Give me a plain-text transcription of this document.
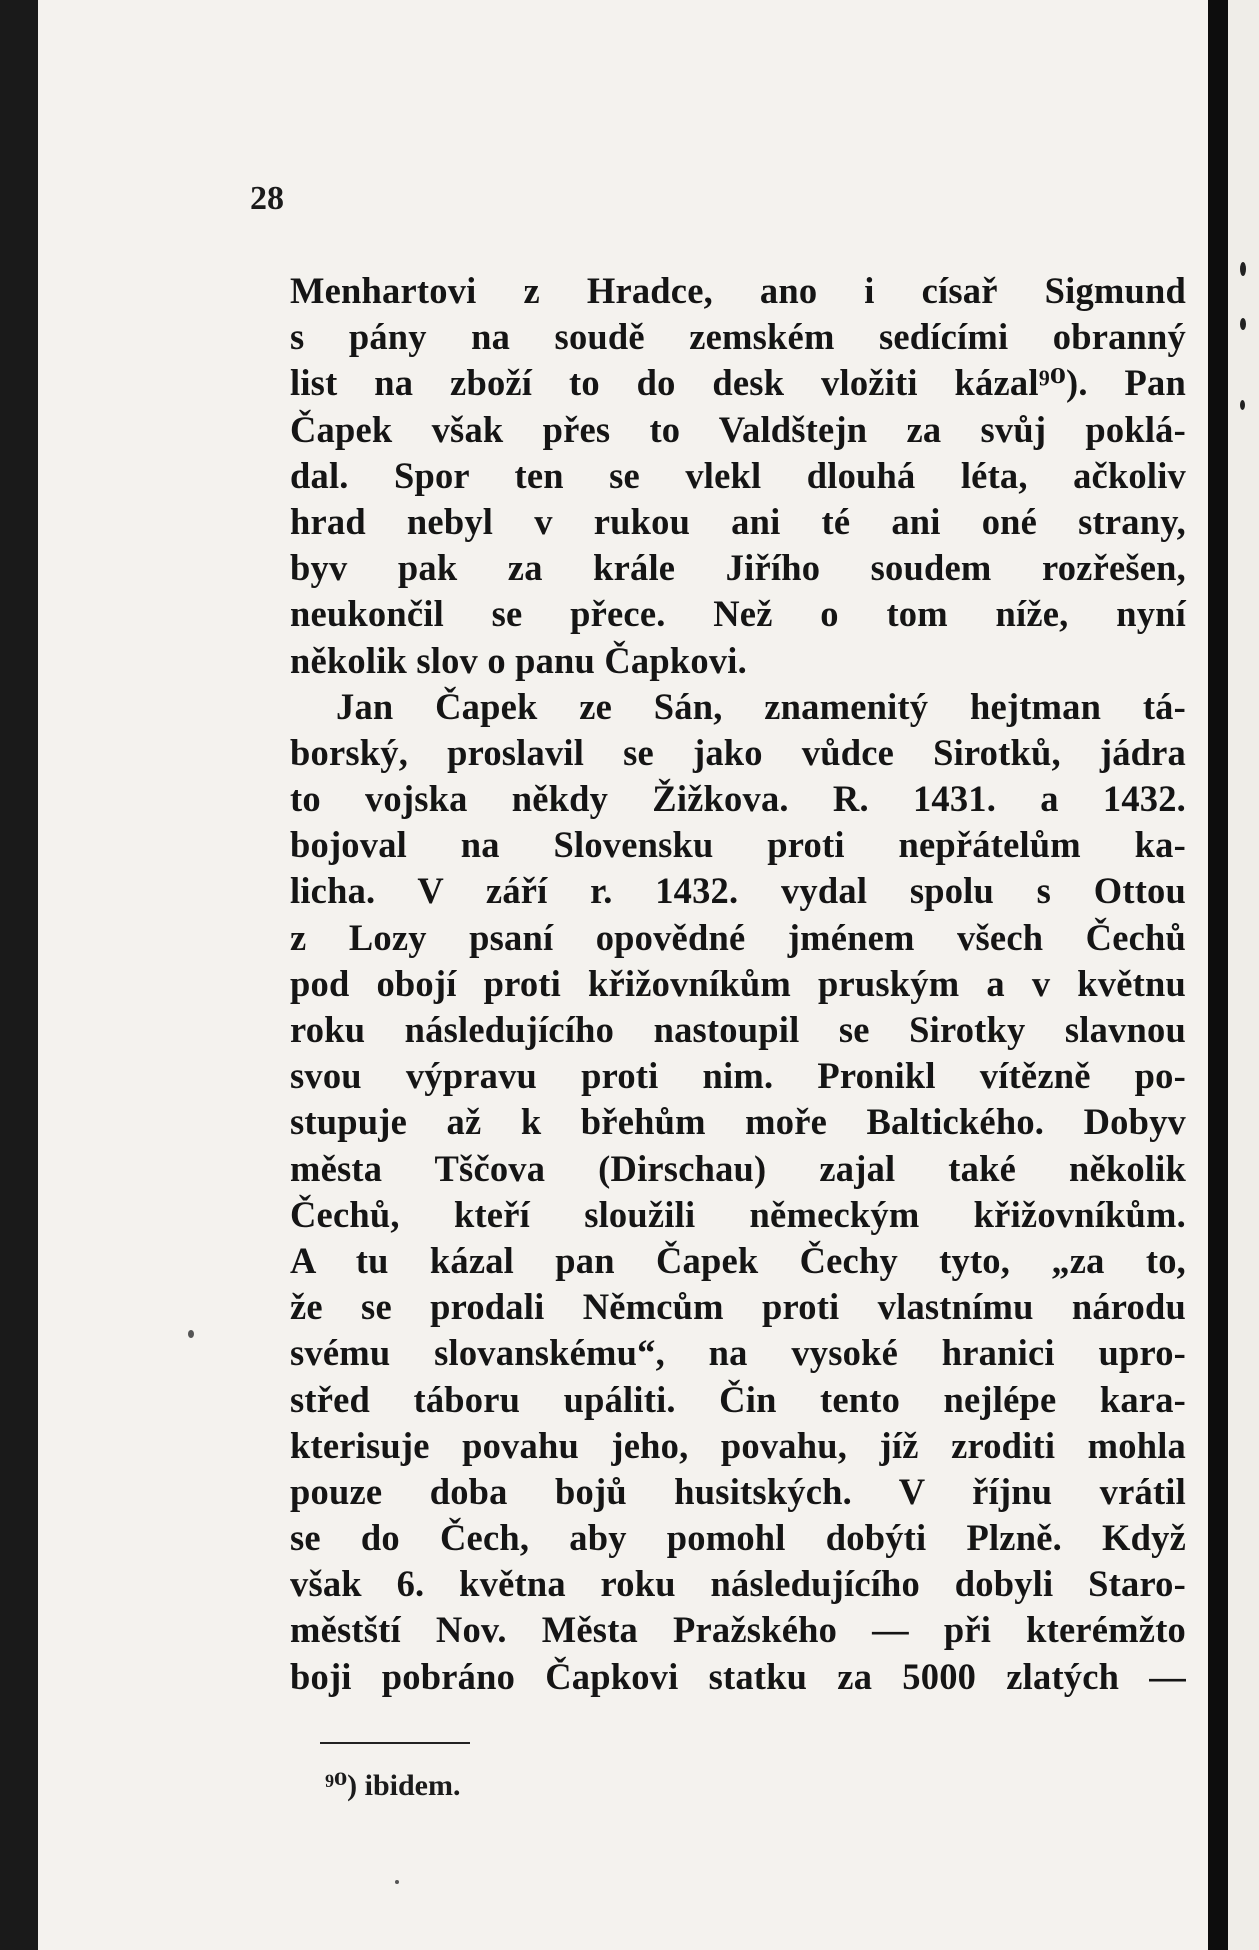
28
Menhartovi z Hradce, ano i císař Sigmund
s pány na soudě zemském sedícími obranný
list na zboží to do desk vložiti kázal⁹⁰). Pan
Čapek však přes to Valdštejn za svůj poklá-
dal. Spor ten se vlekl dlouhá léta, ačkoliv
hrad nebyl v rukou ani té ani oné strany,
byv pak za krále Jiřího soudem rozřešen,
neukončil se přece. Než o tom níže, nyní
několik slov o panu Čapkovi.
Jan Čapek ze Sán, znamenitý hejtman tá-
borský, proslavil se jako vůdce Sirotků, jádra
to vojska někdy Žižkova. R. 1431. a 1432.
bojoval na Slovensku proti nepřátelům ka-
licha. V září r. 1432. vydal spolu s Ottou
z Lozy psaní opovědné jménem všech Čechů
pod obojí proti křižovníkům pruským a v květnu
roku následujícího nastoupil se Sirotky slavnou
svou výpravu proti nim. Pronikl vítězně po-
stupuje až k břehům moře Baltického. Dobyv
města Tščova (Dirschau) zajal také několik
Čechů, kteří sloužili německým křižovníkům.
A tu kázal pan Čapek Čechy tyto, „za to,
že se prodali Němcům proti vlastnímu národu
svému slovanskému“, na vysoké hranici upro-
střed táboru upáliti. Čin tento nejlépe kara-
kterisuje povahu jeho, povahu, jíž zroditi mohla
pouze doba bojů husitských. V říjnu vrátil
se do Čech, aby pomohl dobýti Plzně. Když
však 6. května roku následujícího dobyli Staro-
městští Nov. Města Pražského — při kterémžto
boji pobráno Čapkovi statku za 5000 zlatých —
⁹⁰) ibidem.
